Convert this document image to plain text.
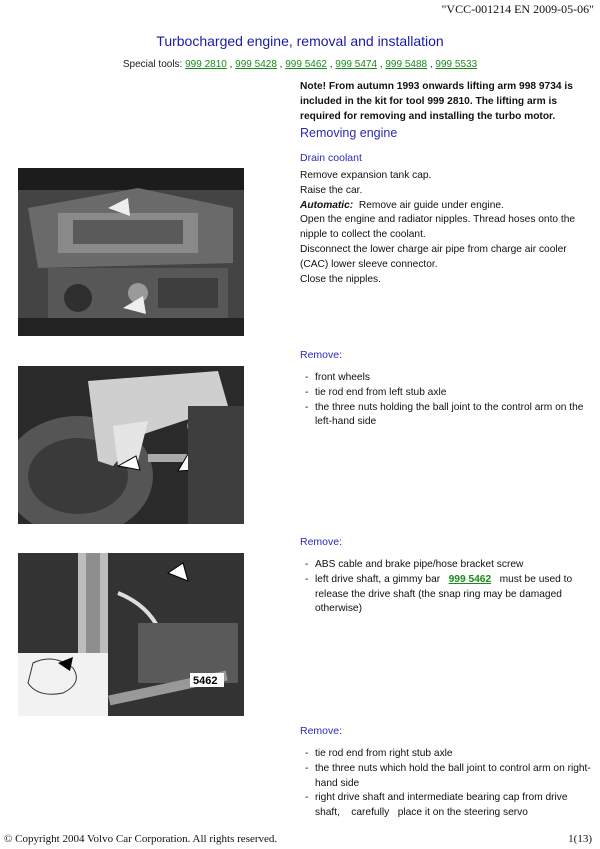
"VCC-001214 EN 2009-05-06"
Turbocharged engine, removal and installation
Special tools: 999 2810 , 999 5428 , 999 5462 , 999 5474 , 999 5488 , 999 5533
Note! From autumn 1993 onwards lifting arm 998 9734 is included in the kit for tool 999 2810. The lifting arm is required for removing and installing the turbo motor.
Removing engine
Drain coolant
Remove expansion tank cap.
Raise the car.
Automatic: Remove air guide under engine.
Open the engine and radiator nipples. Thread hoses onto the nipple to collect the coolant.
Disconnect the lower charge air pipe from charge air cooler (CAC) lower sleeve connector.
Close the nipples.
Remove:
- front wheels
- tie rod end from left stub axle
- the three nuts holding the ball joint to the control arm on the left-hand side
5462
Remove:
- ABS cable and brake pipe/hose bracket screw
- left drive shaft, a gimmy bar 999 5462 must be used to release the drive shaft (the snap ring may be damaged otherwise)
Remove:
- tie rod end from right stub axle
- the three nuts which hold the ball joint to control arm on right-hand side
- right drive shaft and intermediate bearing cap from drive shaft, carefully place it on the steering servo
© Copyright 2004 Volvo Car Corporation. All rights reserved.	1(13)
